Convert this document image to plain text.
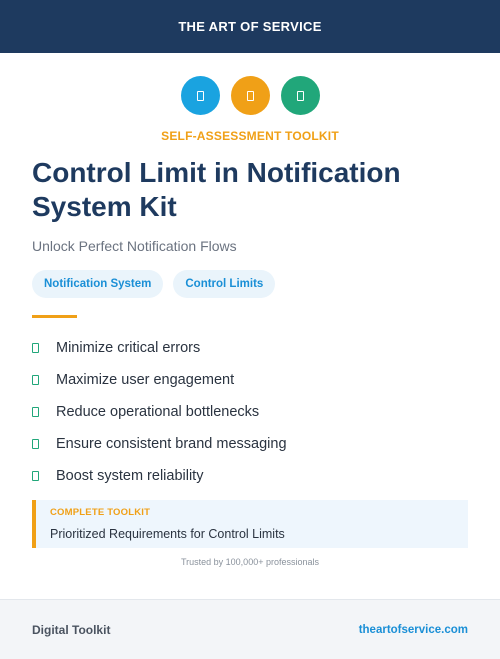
THE ART OF SERVICE
SELF-ASSESSMENT TOOLKIT
Control Limit in Notification System Kit
Unlock Perfect Notification Flows
Notification System	Control Limits
Minimize critical errors
Maximize user engagement
Reduce operational bottlenecks
Ensure consistent brand messaging
Boost system reliability
COMPLETE TOOLKIT
Prioritized Requirements for Control Limits
Trusted by 100,000+ professionals
Digital Toolkit	theartofservice.com
